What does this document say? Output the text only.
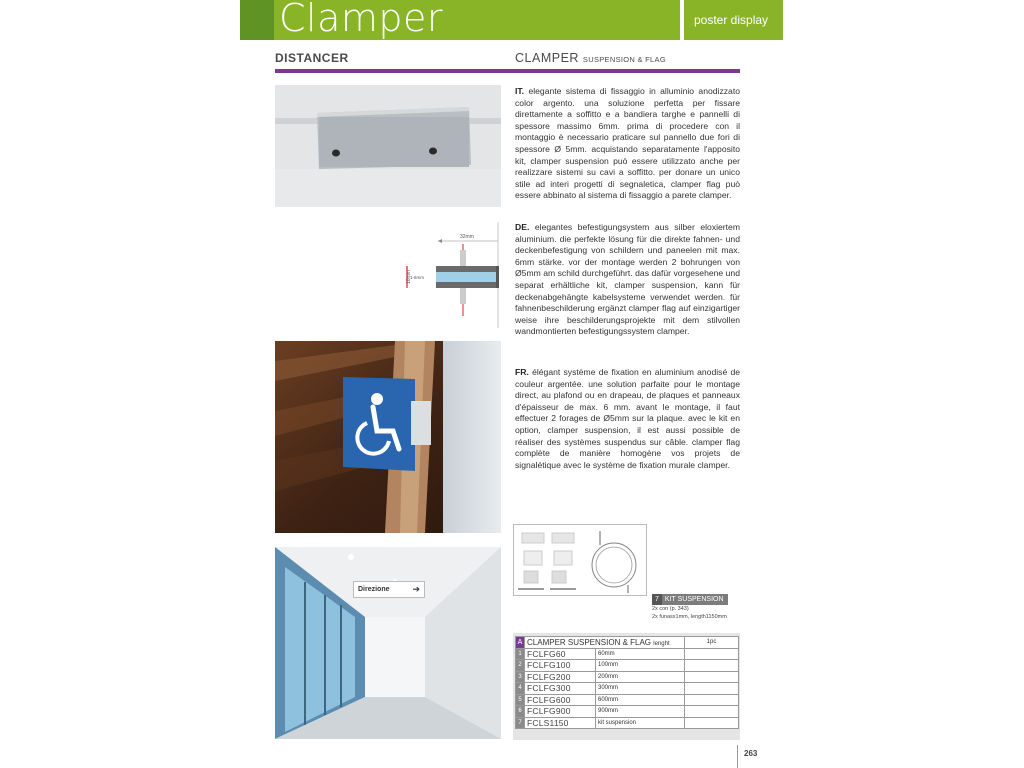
Clamper	poster display
DISTANCER	CLAMPER SUSPENSION & FLAG
32mm
10mm
1-6mm
Direzione	➔
7 KIT SUSPENSION
2x con (p. 343)
2x funasx1mm, length1150mm
IT. elegante sistema di fissaggio in alluminio anodizzato color argento. una soluzione perfetta per fissare direttamente a soffitto e a bandiera targhe e pannelli di spessore massimo 6mm. prima di procedere con il montaggio è necessario praticare sul pannello due fori di spessore Ø 5mm. acquistando separatamente l'apposito kit, clamper suspension può essere utilizzato anche per realizzare sistemi su cavi a soffitto. per donare un unico stile ad interi progetti di segnaletica, clamper flag può essere abbinato al sistema di fissaggio a parete clamper.
DE. elegantes befestigungsystem aus silber eloxiertem aluminium. die perfekte lösung für die direkte fahnen- und deckenbefestigung von schildern und paneelen mit max. 6mm stärke. vor der montage werden 2 bohrungen von Ø5mm am schild durchgeführt. das dafür vorgesehene und separat erhältliche kit, clamper suspension, kann für deckenabgehängte kabelsysteme verwendet werden. für fahnenbeschilderung ergänzt clamper flag auf einzigartiger weise ihre beschilderungsprojekte mit dem stilvollen wandmontierten befestigungssystem clamper.
FR. élégant système de fixation en aluminium anodisé de couleur argentée. une solution parfaite pour le montage direct, au plafond ou en drapeau, de plaques et panneaux d'épaisseur de max. 6 mm. avant le montage, il faut effectuer 2 forages de Ø5mm sur la plaque. avec le kit en option, clamper suspension, il est aussi possible de réaliser des systèmes suspendus sur câble. clamper flag complète de manière homogène vos projets de signalétique avec le système de fixation murale clamper.
A	CLAMPER SUSPENSION & FLAG lenght		1pc
1	FCLFG60	60mm	
2	FCLFG100	100mm	
3	FCLFG200	200mm	
4	FCLFG300	300mm	
5	FCLFG600	600mm	
6	FCLFG900	900mm	
7	FCLS1150	kit suspension	
263
